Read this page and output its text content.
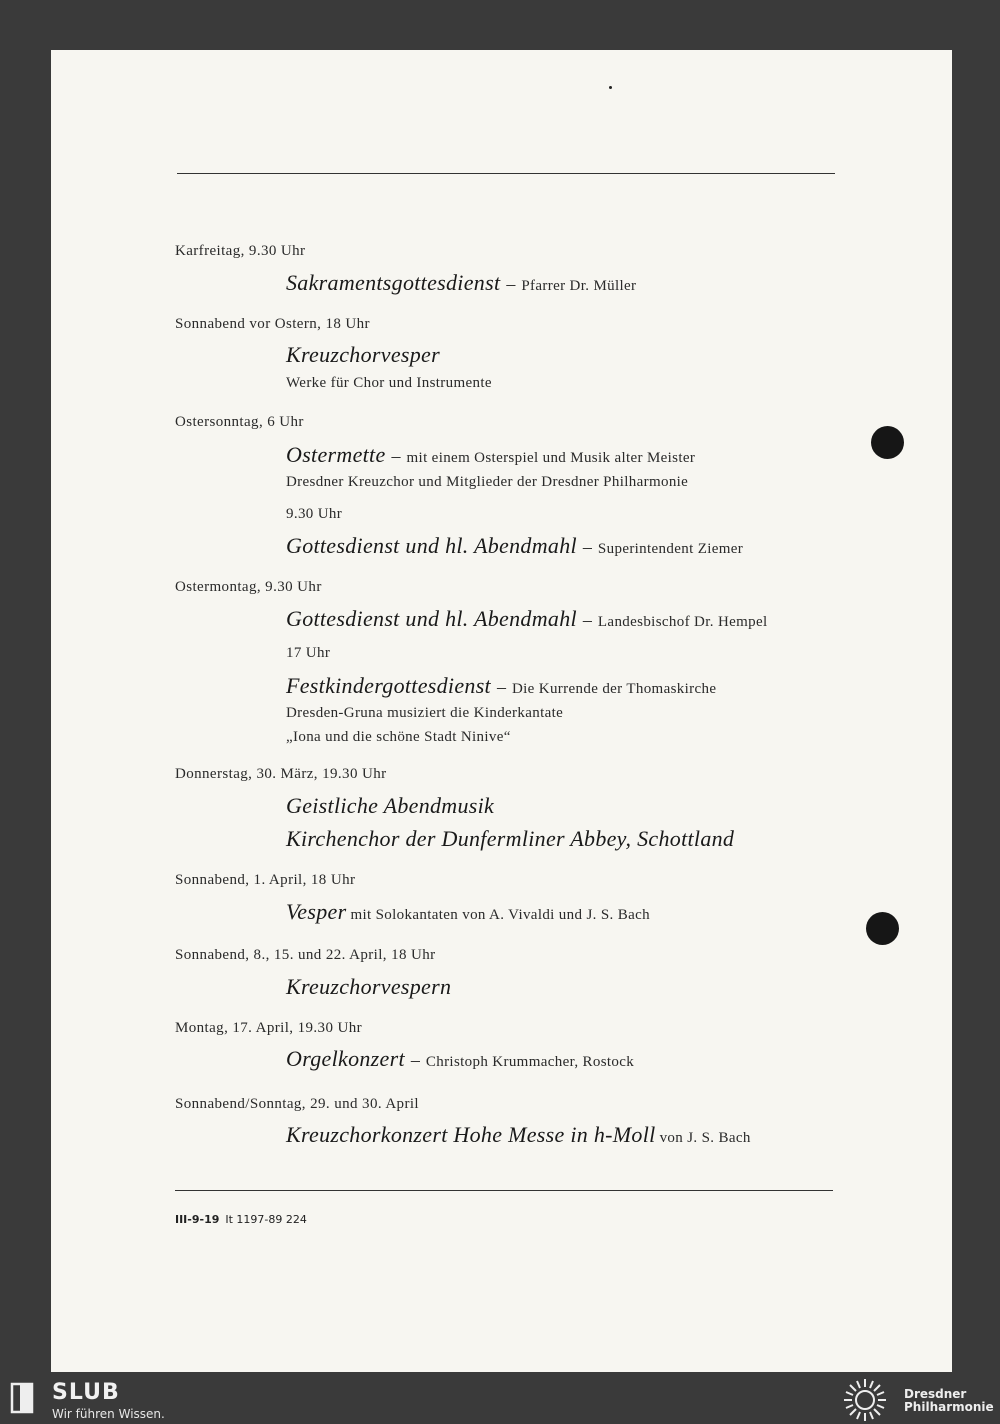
Karfreitag, 9.30 Uhr
Sakramentsgottesdienst – Pfarrer Dr. Müller
Sonnabend vor Ostern, 18 Uhr
Kreuzchorvesper
Werke für Chor und Instrumente
Ostersonntag, 6 Uhr
Ostermette – mit einem Osterspiel und Musik alter Meister
Dresdner Kreuzchor und Mitglieder der Dresdner Philharmonie
9.30 Uhr
Gottesdienst und hl. Abendmahl – Superintendent Ziemer
Ostermontag, 9.30 Uhr
Gottesdienst und hl. Abendmahl – Landesbischof Dr. Hempel
17 Uhr
Festkindergottesdienst – Die Kurrende der Thomaskirche
Dresden-Gruna musiziert die Kinderkantate
„Iona und die schöne Stadt Ninive“
Donnerstag, 30. März, 19.30 Uhr
Geistliche Abendmusik
Kirchenchor der Dunfermliner Abbey, Schottland
Sonnabend, 1. April, 18 Uhr
Vesper mit Solokantaten von A. Vivaldi und J. S. Bach
Sonnabend, 8., 15. und 22. April, 18 Uhr
Kreuzchorvespern
Montag, 17. April, 19.30 Uhr
Orgelkonzert – Christoph Krummacher, Rostock
Sonnabend/Sonntag, 29. und 30. April
Kreuzchorkonzert Hohe Messe in h-Moll von J. S. Bach
III-9-19 It 1197-89 224
SLUB
Wir führen Wissen.
Dresdner
Philharmonie
